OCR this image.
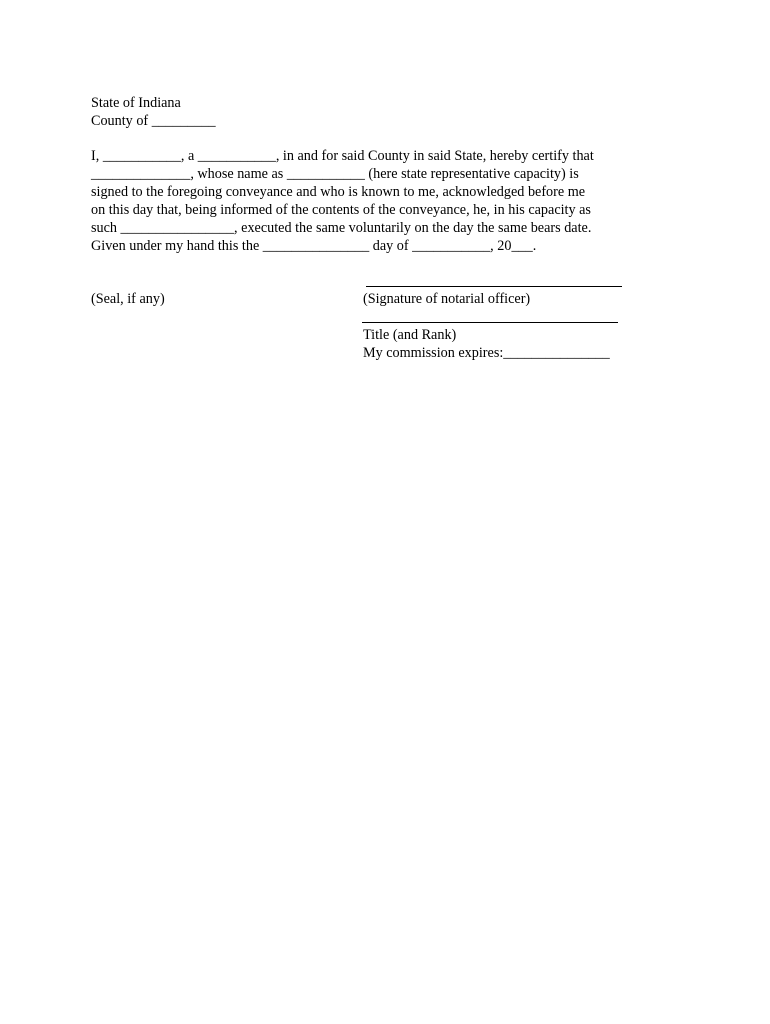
State of Indiana
County of _________
I, ___________, a ___________, in and for said County in said State, hereby certify that
______________, whose name as ___________ (here state representative capacity) is
signed to the foregoing conveyance and who is known to me, acknowledged before me
on this day that, being informed of the contents of the conveyance, he, in his capacity as
such ________________, executed the same voluntarily on the day the same bears date.
Given under my hand this the _______________ day of ___________, 20___.
(Seal, if any)	(Signature of notarial officer)
Title (and Rank)
My commission expires:_______________
